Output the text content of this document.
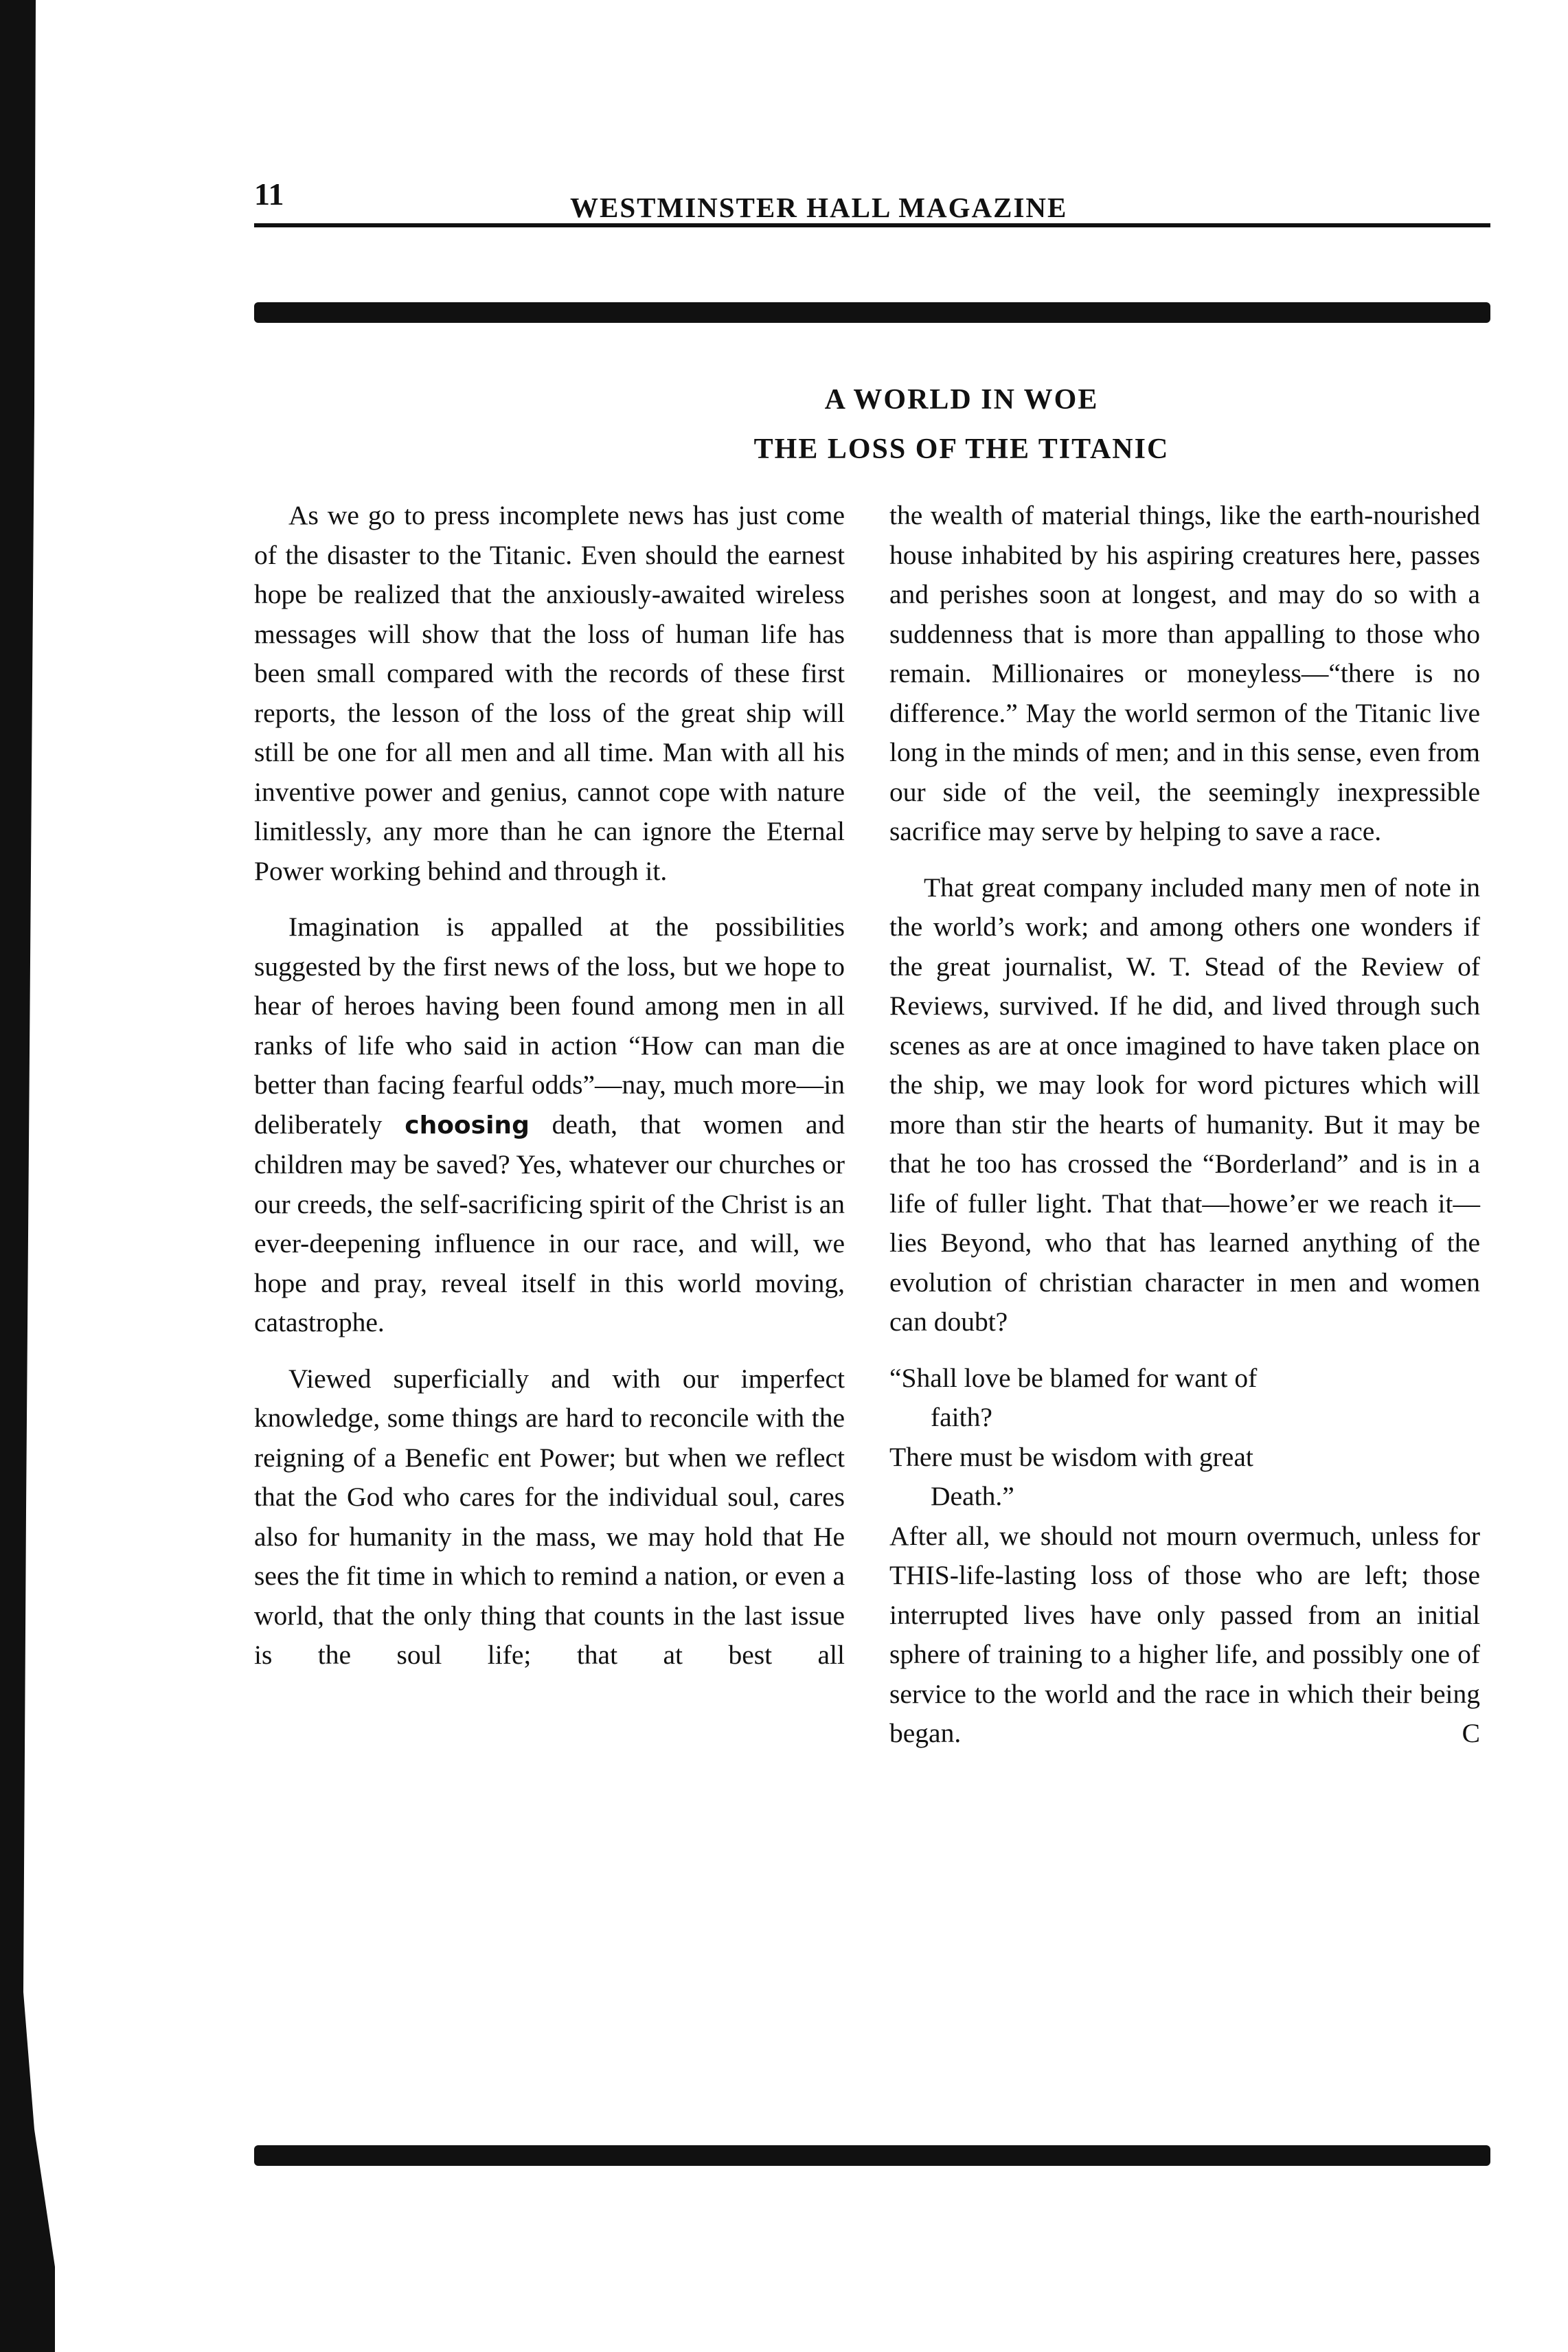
11	WESTMINSTER HALL MAGAZINE
A WORLD IN WOE
THE LOSS OF THE TITANIC

As we go to press incomplete news has just come of the disaster to the Titanic. Even should the earnest hope be realized that the anxiously-awaited wireless messages will show that the loss of human life has been small compared with the records of these first reports, the lesson of the loss of the great ship will still be one for all men and all time. Man with all his inventive power and genius, cannot cope with nature limitlessly, any more than he can ignore the Eternal Power working behind and through it.

Imagination is appalled at the possibilities suggested by the first news of the loss, but we hope to hear of heroes having been found among men in all ranks of life who said in action “How can man die better than facing fearful odds”—nay, much more—in deliberately choosing death, that women and children may be saved? Yes, whatever our churches or our creeds, the self-sacrificing spirit of the Christ is an ever-deepening influence in our race, and will, we hope and pray, reveal itself in this world moving, catastrophe.

Viewed superficially and with our imperfect knowledge, some things are hard to reconcile with the reigning of a Benefic ent Power; but when we reflect that the God who cares for the individual soul, cares also for humanity in the mass, we may hold that He sees the fit time in which to remind a nation, or even a world, that the only thing that counts in the last issue is the soul life; that at best all

the wealth of material things, like the earth-nourished house inhabited by his aspiring creatures here, passes and perishes soon at longest, and may do so with a suddenness that is more than appalling to those who remain. Millionaires or moneyless—“there is no difference.” May the world sermon of the Titanic live long in the minds of men; and in this sense, even from our side of the veil, the seemingly inexpressible sacrifice may serve by helping to save a race.

That great company included many men of note in the world’s work; and among others one wonders if the great journalist, W. T. Stead of the Review of Reviews, survived. If he did, and lived through such scenes as are at once imagined to have taken place on the ship, we may look for word pictures which will more than stir the hearts of humanity. But it may be that he too has crossed the “Borderland” and is in a life of fuller light. That that—howe’er we reach it—lies Beyond, who that has learned anything of the evolution of christian character in men and women can doubt?

“Shall love be blamed for want of

faith?

There must be wisdom with great

Death.”

After all, we should not mourn overmuch, unless for THIS-life-lasting loss of those who are left; those interrupted lives have only passed from an initial sphere of training to a higher life, and possibly one of service to the world and the race in which their being began.	C
